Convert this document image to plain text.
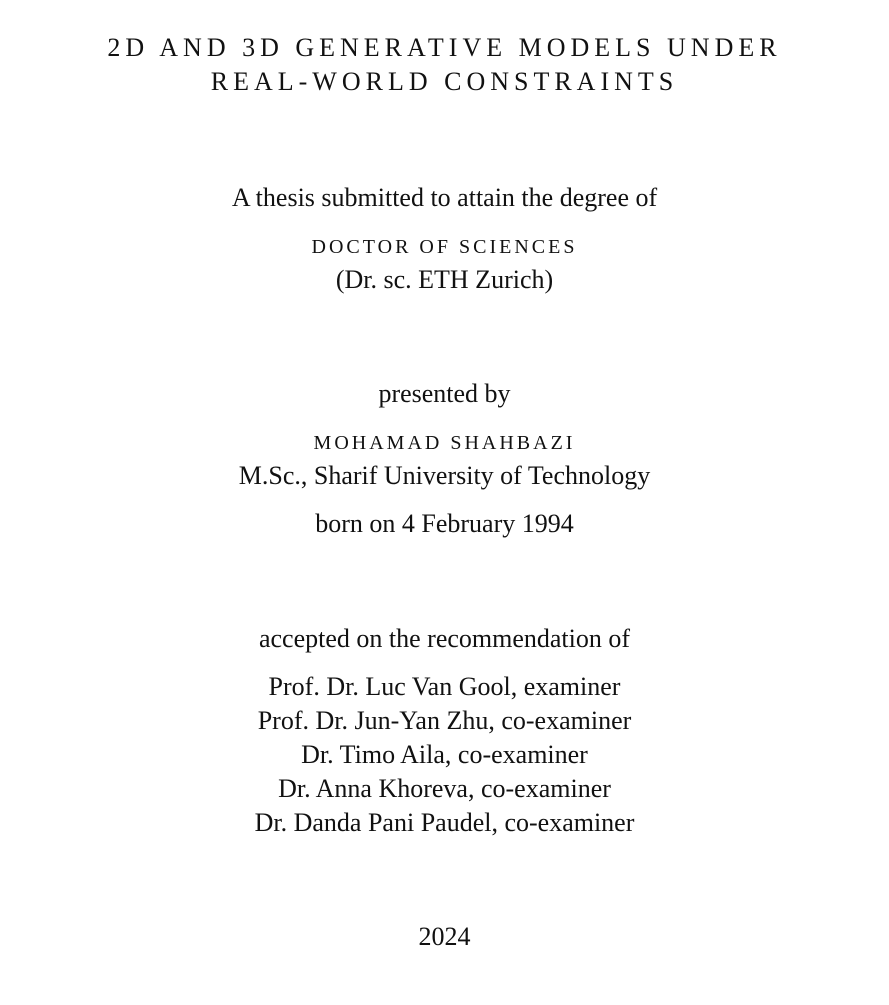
2D AND 3D GENERATIVE MODELS UNDER
REAL-WORLD CONSTRAINTS
A thesis submitted to attain the degree of
DOCTOR OF SCIENCES
(Dr. sc. ETH Zurich)
presented by
MOHAMAD SHAHBAZI
M.Sc., Sharif University of Technology
born on 4 February 1994
accepted on the recommendation of
Prof. Dr. Luc Van Gool, examiner
Prof. Dr. Jun-Yan Zhu, co-examiner
Dr. Timo Aila, co-examiner
Dr. Anna Khoreva, co-examiner
Dr. Danda Pani Paudel, co-examiner
2024
